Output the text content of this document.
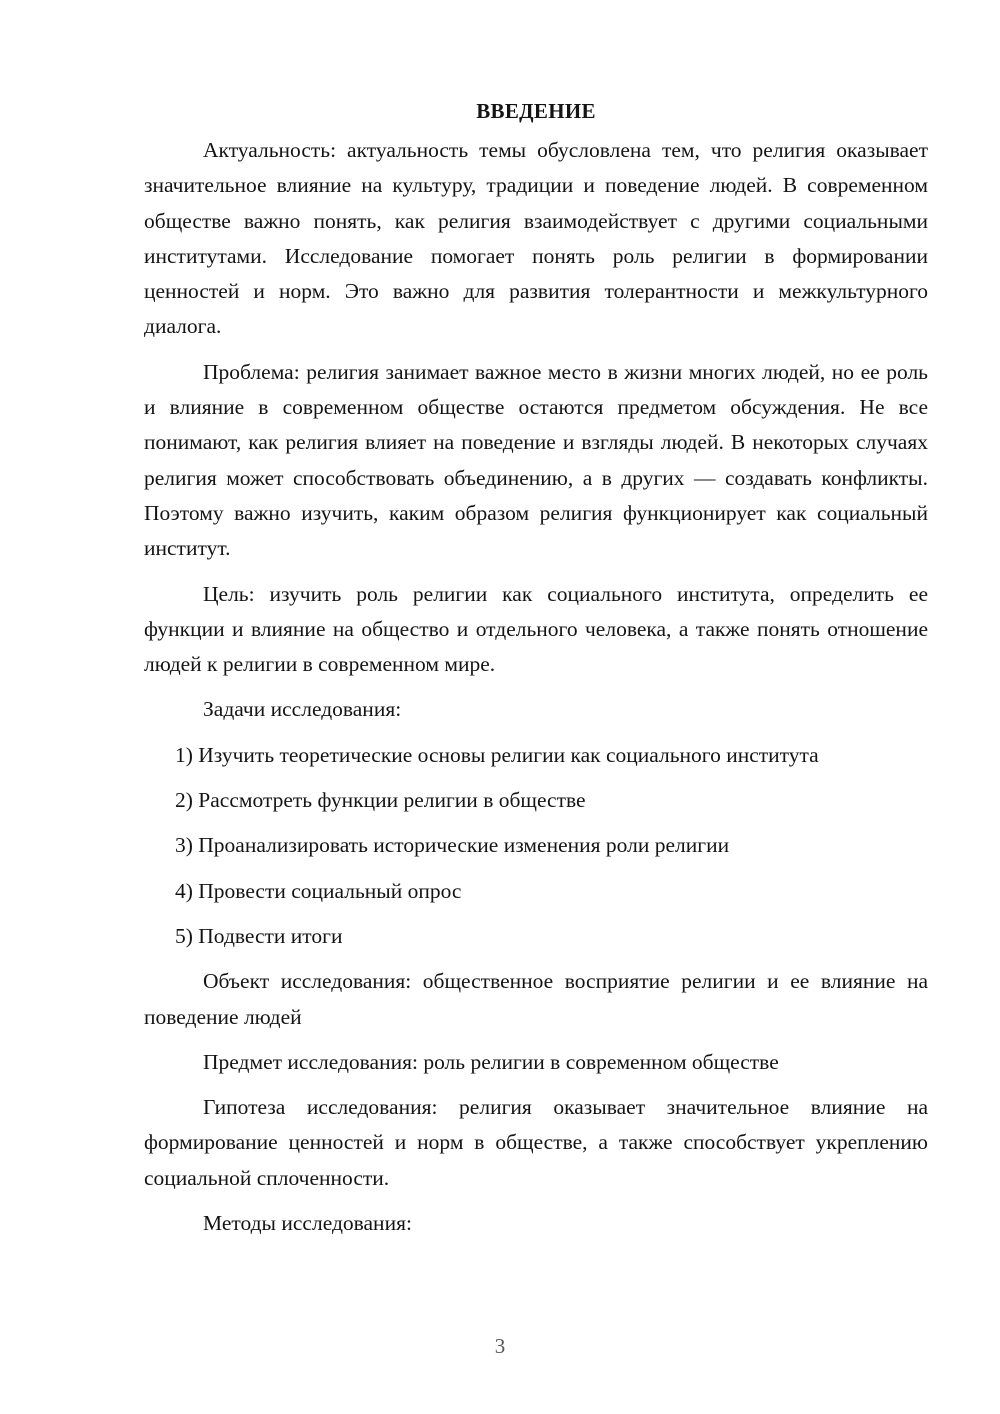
ВВЕДЕНИЕ

Актуальность: актуальность темы обусловлена тем, что религия оказывает значительное влияние на культуру, традиции и поведение людей. В современном обществе важно понять, как религия взаимодействует с другими социальными институтами. Исследование помогает понять роль религии в формировании ценностей и норм. Это важно для развития толерантности и межкультурного диалога.

Проблема: религия занимает важное место в жизни многих людей, но ее роль и влияние в современном обществе остаются предметом обсуждения. Не все понимают, как религия влияет на поведение и взгляды людей. В некоторых случаях религия может способствовать объединению, а в других — создавать конфликты. Поэтому важно изучить, каким образом религия функционирует как социальный институт.

Цель: изучить роль религии как социального института, определить ее функции и влияние на общество и отдельного человека, а также понять отношение людей к религии в современном мире.

Задачи исследования:

1) Изучить теоретические основы религии как социального института
2) Рассмотреть функции религии в обществе
3) Проанализировать исторические изменения роли религии
4) Провести социальный опрос
5) Подвести итоги

Объект исследования: общественное восприятие религии и ее влияние на поведение людей

Предмет исследования: роль религии в современном обществе

Гипотеза исследования: религия оказывает значительное влияние на формирование ценностей и норм в обществе, а также способствует укреплению социальной сплоченности.

Методы исследования:

3
